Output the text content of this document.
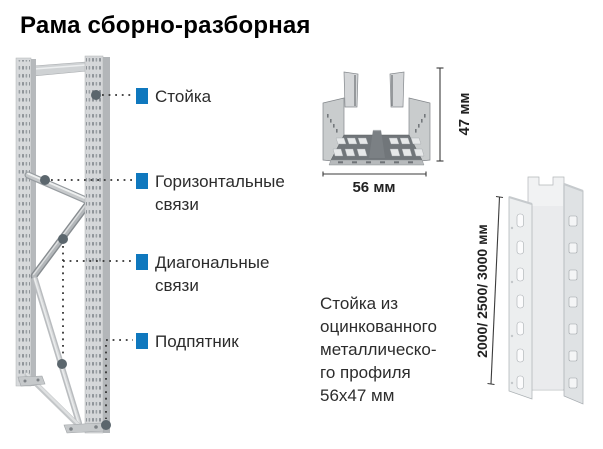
Рама сборно-разборная
Стойка
Горизонтальные
связи
Диагональные
связи
Подпятник
56 мм
47 мм
2000/ 2500/ 3000 мм
Стойка из
оцинкованного
металлическо-
го профиля
56х47 мм
